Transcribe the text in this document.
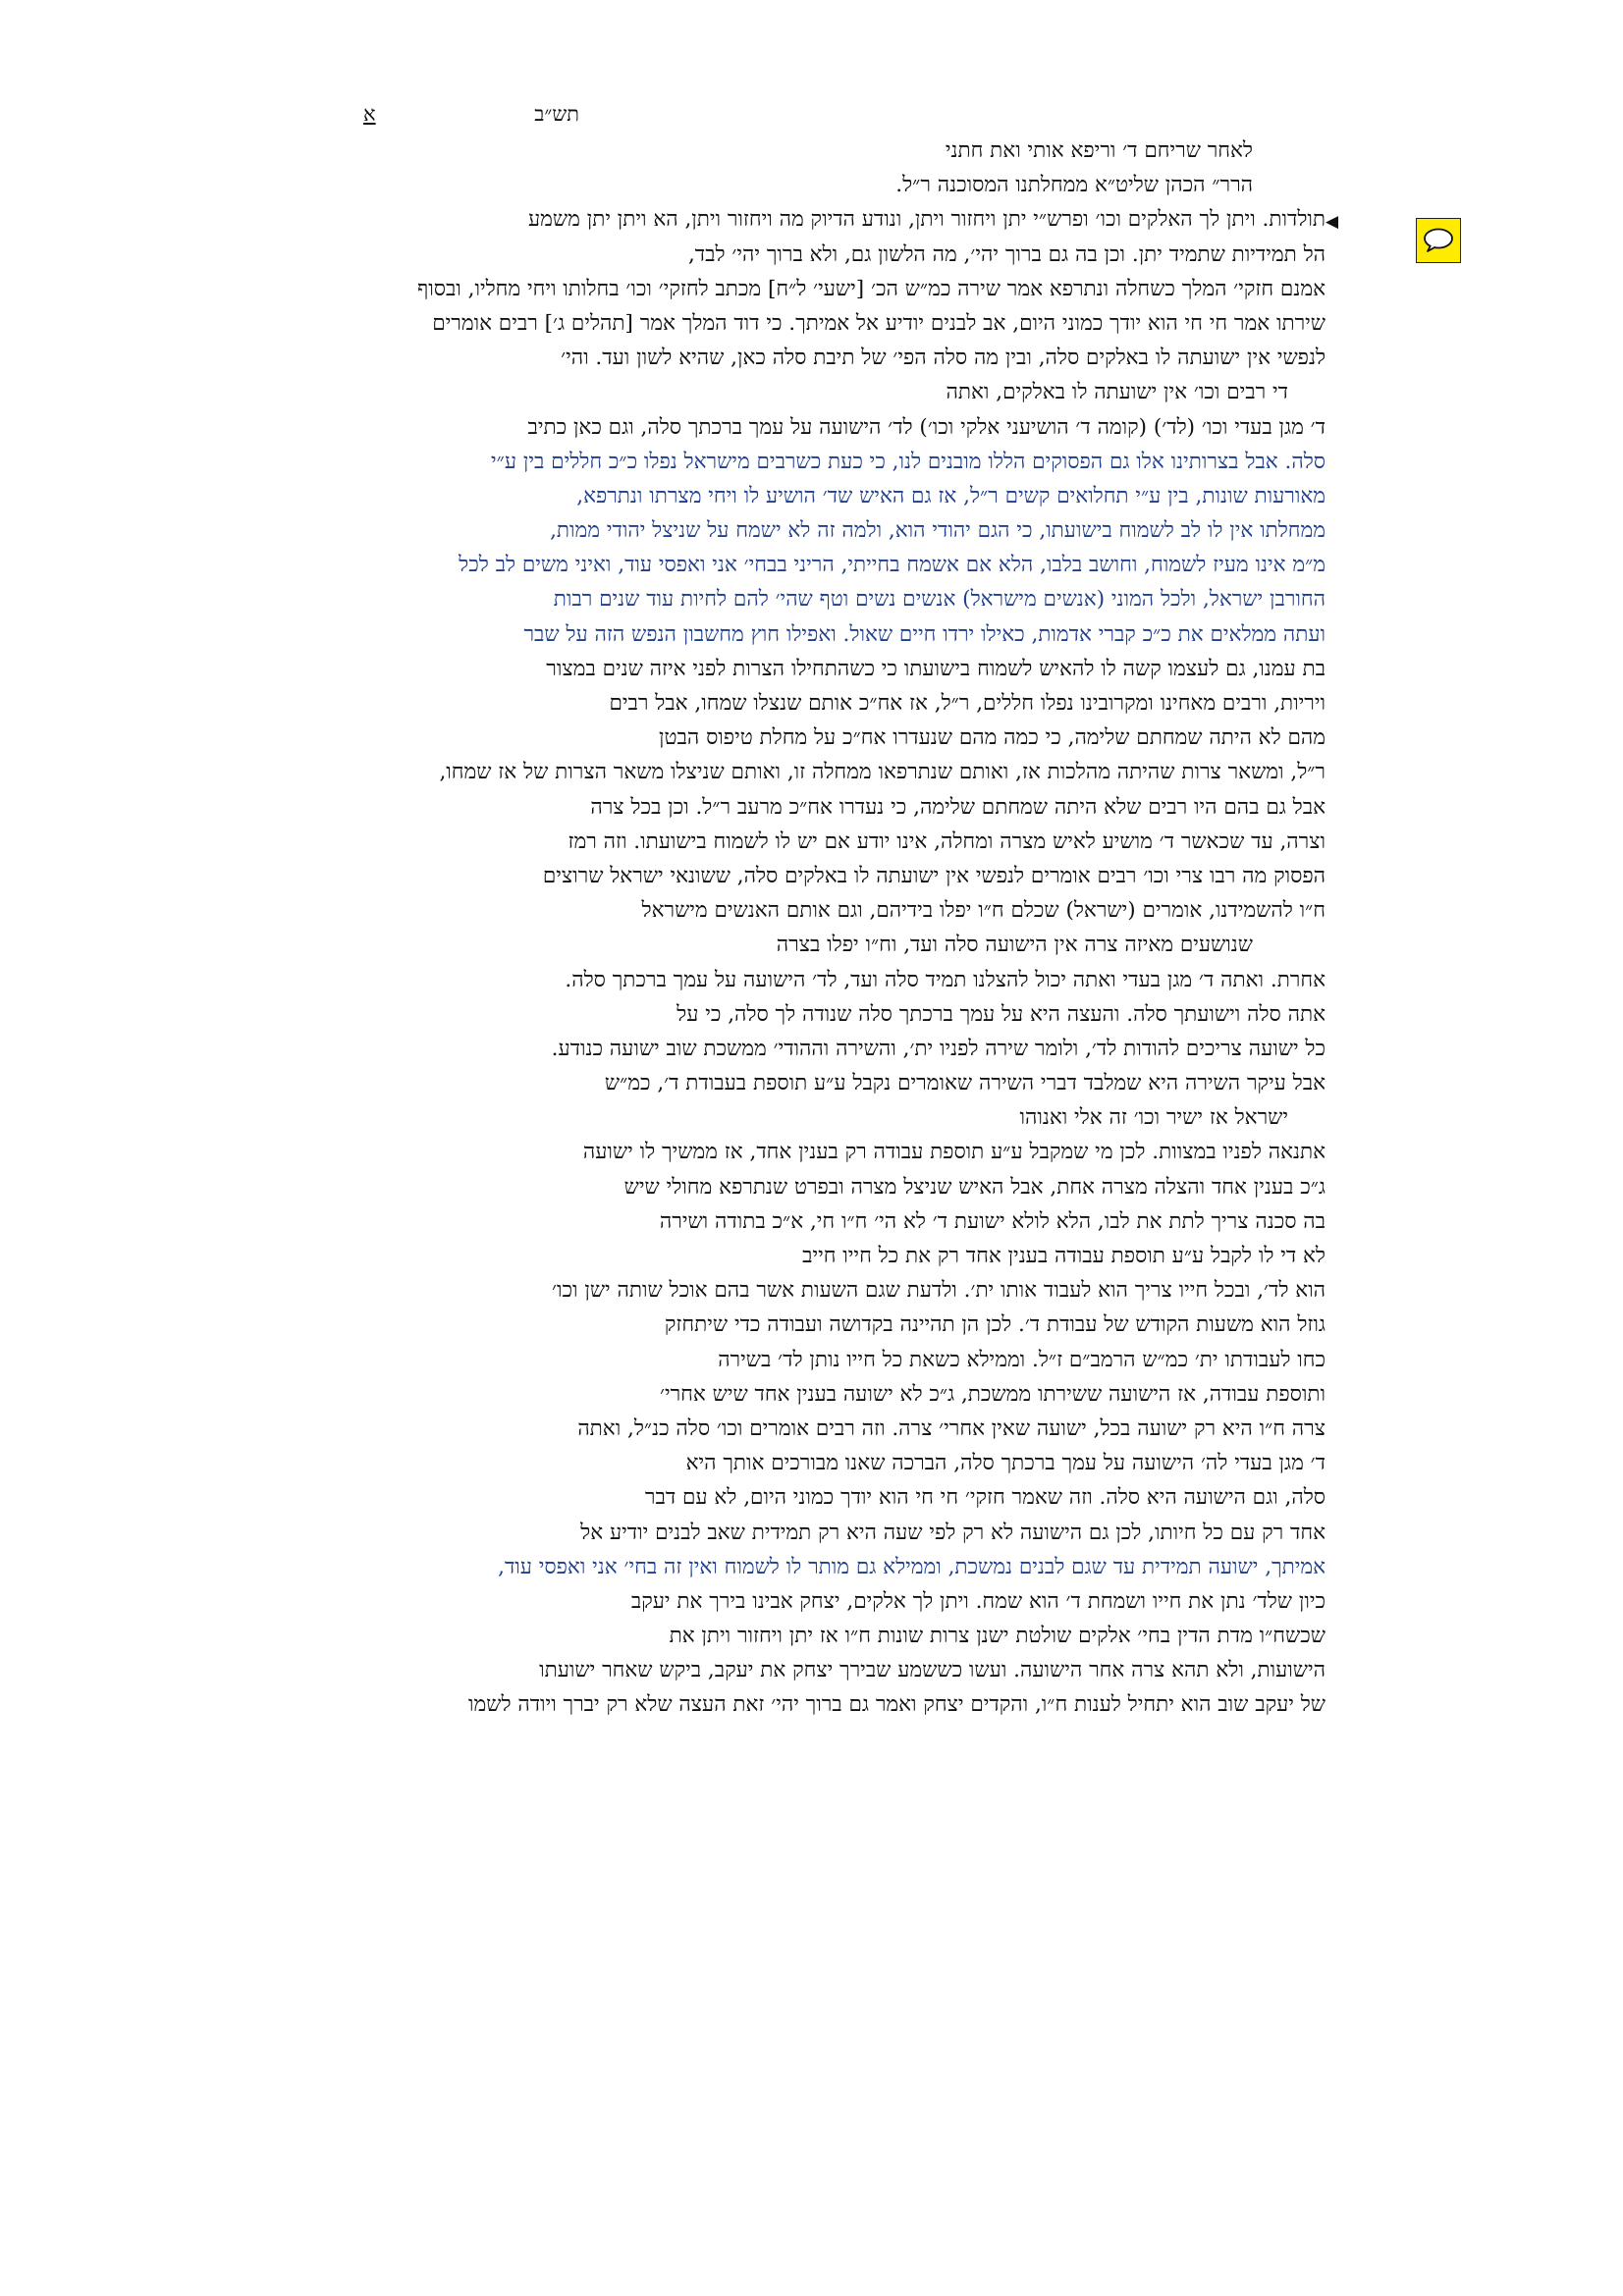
תש״ב
א
◀
לאחר שריחם ד׳ וריפא אותי ואת חתני
הרר״ הכהן שליט״א ממחלתנו המסוכנה ר״ל.
תולדות. ויתן לך האלקים וכו׳ ופרש״י יתן ויחזור ויתן, ונודע הדיוק מה ויחזור ויתן, הא ויתן יתן משמע
הל תמידיות שתמיד יתן. וכן בה גם ברוך יהי׳, מה הלשון גם, ולא ברוך יהי׳ לבד,
אמנם חזקי׳ המלך כשחלה ונתרפא אמר שירה כמ״ש הכ׳ [ישעי׳ ל״ח] מכתב לחזקי׳ וכו׳ בחלותו ויחי מחליו, ובסוף
שירתו אמר חי חי הוא יודך כמוני היום, אב לבנים יודיע אל אמיתך. כי דוד המלך אמר [תהלים ג׳] רבים אומרים
לנפשי אין ישועתה לו באלקים סלה, ובין מה סלה הפי׳ של תיבת סלה כאן, שהיא לשון ועד. והי׳
די רבים וכו׳ אין ישועתה לו באלקים, ואתה
ד׳ מגן בעדי וכו׳ (לד׳) (קומה ד׳ הושיעני אלקי וכו׳) לד׳ הישועה על עמך ברכתך סלה, וגם כאן כתיב
סלה. אבל בצרותינו אלו גם הפסוקים הללו מובנים לנו, כי כעת כשרבים מישראל נפלו כ״כ חללים בין ע״י
מאורעות שונות, בין ע״י תחלואים קשים ר״ל, אז גם האיש שד׳ הושיע לו ויחי מצרתו ונתרפא,
ממחלתו אין לו לב לשמוח בישועתו, כי הגם יהודי הוא, ולמה זה לא ישמח על שניצל יהודי ממות,
מ״מ אינו מעיז לשמוח, וחושב בלבו, הלא אם אשמח בחייתי, הריני בבחי׳ אני ואפסי עוד, ואיני משים לב לכל
החורבן ישראל, ולכל המוני (אנשים מישראל) אנשים נשים וטף שהי׳ להם לחיות עוד שנים רבות
ועתה ממלאים את כ״כ קברי אדמות, כאילו ירדו חיים שאול. ואפילו חוץ מחשבון הנפש הזה על שבר
בת עמנו, גם לעצמו קשה לו להאיש לשמוח בישועתו כי כשהתחילו הצרות לפני איזה שנים במצור
ויריות, ורבים מאחינו ומקרובינו נפלו חללים, ר״ל, אז אח״כ אותם שנצלו שמחו, אבל רבים
מהם לא היתה שמחתם שלימה, כי כמה מהם שנעדרו אח״כ על מחלת טיפוס הבטן
ר״ל, ומשאר צרות שהיתה מהלכות אז, ואותם שנתרפאו ממחלה זו, ואותם שניצלו משאר הצרות של אז שמחו,
אבל גם בהם היו רבים שלא היתה שמחתם שלימה, כי נעדרו אח״כ מרעב ר״ל. וכן בכל צרה
וצרה, עד שכאשר ד׳ מושיע לאיש מצרה ומחלה, אינו יודע אם יש לו לשמוח בישועתו. וזה רמז
הפסוק מה רבו צרי וכו׳ רבים אומרים לנפשי אין ישועתה לו באלקים סלה, ששונאי ישראל שרוצים
ח״ו להשמידנו, אומרים (ישראל) שכלם ח״ו יפלו בידיהם, וגם אותם האנשים מישראל
שנושעים מאיזה צרה אין הישועה סלה ועד, וח״ו יפלו בצרה
אחרת. ואתה ד׳ מגן בעדי ואתה יכול להצלנו תמיד סלה ועד, לד׳ הישועה על עמך ברכתך סלה.
אתה סלה וישועתך סלה. והעצה היא על עמך ברכתך סלה שנודה לך סלה, כי על
כל ישועה צריכים להודות לד׳, ולומר שירה לפניו ית׳, והשירה וההודי׳ ממשכת שוב ישועה כנודע.
אבל עיקר השירה היא שמלבד דברי השירה שאומרים נקבל ע״ע תוספת בעבודת ד׳, כמ״ש
ישראל אז ישיר וכו׳ זה אלי ואנוהו
אתנאה לפניו במצוות. לכן מי שמקבל ע״ע תוספת עבודה רק בענין אחד, אז ממשיך לו ישועה
ג״כ בענין אחד והצלה מצרה אחת, אבל האיש שניצל מצרה ובפרט שנתרפא מחולי שיש
בה סכנה צריך לתת את לבו, הלא לולא ישועת ד׳ לא הי׳ ח״ו חי, א״כ בתודה ושירה
לא די לו לקבל ע״ע תוספת עבודה בענין אחד רק את כל חייו חייב
הוא לד׳, ובכל חייו צריך הוא לעבוד אותו ית׳. ולדעת שגם השעות אשר בהם אוכל שותה ישן וכו׳
גוזל הוא משעות הקודש של עבודת ד׳. לכן הן תהיינה בקדושה ועבודה כדי שיתחזק
כחו לעבודתו ית׳ כמ״ש הרמב״ם ז״ל. וממילא כשאת כל חייו נותן לד׳ בשירה
ותוספת עבודה, אז הישועה ששירתו ממשכת, ג״כ לא ישועה בענין אחד שיש אחרי׳
צרה ח״ו היא רק ישועה בכל, ישועה שאין אחרי׳ צרה. וזה רבים אומרים וכו׳ סלה כנ״ל, ואתה
ד׳ מגן בעדי לה׳ הישועה על עמך ברכתך סלה, הברכה שאנו מבורכים אותך היא
סלה, וגם הישועה היא סלה. וזה שאמר חזקי׳ חי חי הוא יודך כמוני היום, לא עם דבר
אחד רק עם כל חיותו, לכן גם הישועה לא רק לפי שעה היא רק תמידית שאב לבנים יודיע אל
אמיתך, ישועה תמידית עד שגם לבנים נמשכת, וממילא גם מותר לו לשמוח ואין זה בחי׳ אני ואפסי עוד,
כיון שלד׳ נתן את חייו ושמחת ד׳ הוא שמח. ויתן לך אלקים, יצחק אבינו בירך את יעקב
שכשח״ו מדת הדין בחי׳ אלקים שולטת ישנן צרות שונות ח״ו אז יתן ויחזור ויתן את
הישועות, ולא תהא צרה אחר הישועה. ועשו כששמע שבירך יצחק את יעקב, ביקש שאחר ישועתו
של יעקב שוב הוא יתחיל לענות ח״ו, והקדים יצחק ואמר גם ברוך יהי׳ זאת העצה שלא רק יברך ויודה לשמו
